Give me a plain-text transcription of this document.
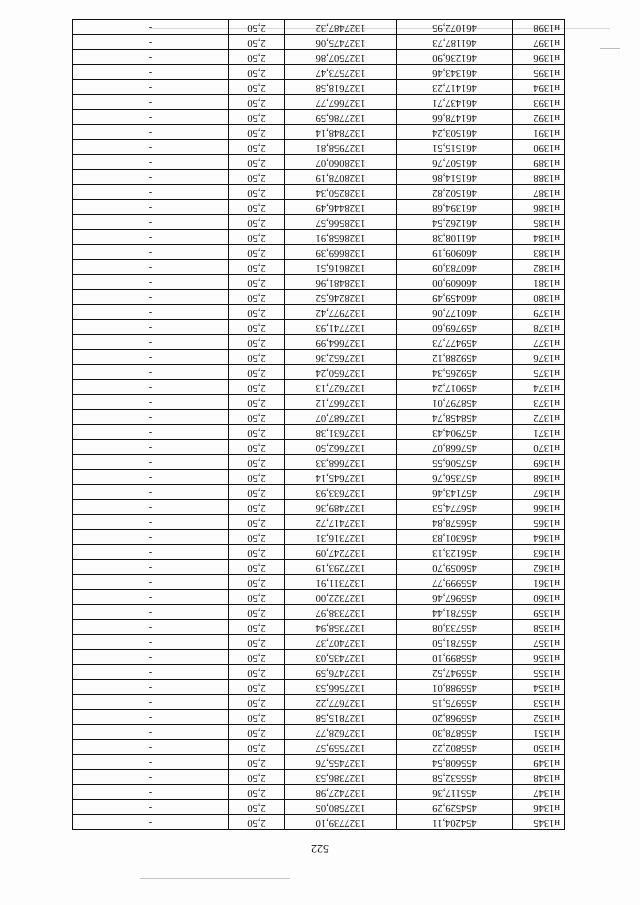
522
н1345	454204,11	1327739,10	2,50	-
н1346	454529,29	1327580,05	2,50	-
н1347	455117,36	1327427,98	2,50	-
н1348	455532,58	1327386,53	2,50	-
н1349	455608,54	1327455,76	2,50	-
н1350	455802,22	1327559,57	2,50	-
н1351	455878,30	1327628,77	2,50	-
н1352	455968,20	1327815,58	2,50	-
н1353	455975,15	1327677,22	2,50	-
н1354	455988,01	1327566,53	2,50	-
н1355	455947,52	1327476,59	2,50	-
н1356	455899,10	1327435,03	2,50	-
н1357	455781,50	1327407,37	2,50	-
н1358	455733,08	1327358,94	2,50	-
н1359	455781,44	1327338,97	2,50	-
н1360	455967,46	1327322,00	2,50	-
н1361	455999,77	1327311,91	2,50	-
н1362	456059,70	1327293,19	2,50	-
н1363	456123,13	1327247,09	2,50	-
н1364	456301,83	1327316,31	2,50	-
н1365	456578,84	1327417,72	2,50	-
н1366	456774,53	1327489,36	2,50	-
н1367	457143,46	1327633,93	2,50	-
н1368	457356,76	1327645,14	2,50	-
н1369	457506,55	1327668,33	2,50	-
н1370	457668,07	1327662,50	2,50	-
н1371	457904,43	1327631,38	2,50	-
н1372	458458,74	1327687,07	2,50	-
н1373	458797,01	1327667,12	2,50	-
н1374	459017,24	1327627,13	2,50	-
н1375	459265,34	1327650,24	2,50	-
н1376	459288,12	1327652,36	2,50	-
н1377	459477,73	1327664,99	2,50	-
н1378	459769,60	1327741,93	2,50	-
н1379	460177,06	1327977,42	2,50	-
н1380	460459,49	1328246,52	2,50	-
н1381	460609,00	1328481,96	2,50	-
н1382	460783,09	1328616,51	2,50	-
н1383	460909,19	1328669,39	2,50	-
н1384	461108,38	1328658,91	2,50	-
н1385	461262,54	1328566,57	2,50	-
н1386	461394,68	1328446,49	2,50	-
н1387	461502,82	1328250,34	2,50	-
н1388	461514,86	1328078,19	2,50	-
н1389	461507,76	1328060,07	2,50	-
н1390	461515,51	1327958,81	2,50	-
н1391	461503,24	1327848,14	2,50	-
н1392	461478,66	1327786,59	2,50	-
н1393	461437,71	1327667,77	2,50	-
н1394	461417,23	1327618,58	2,50	-
н1395	461343,46	1327573,47	2,50	-
н1396	461236,90	1327507,86	2,50	-
н1397	461187,73	1327475,06	2,50	-
н1398	461072,95	1327487,32	2,50	-
